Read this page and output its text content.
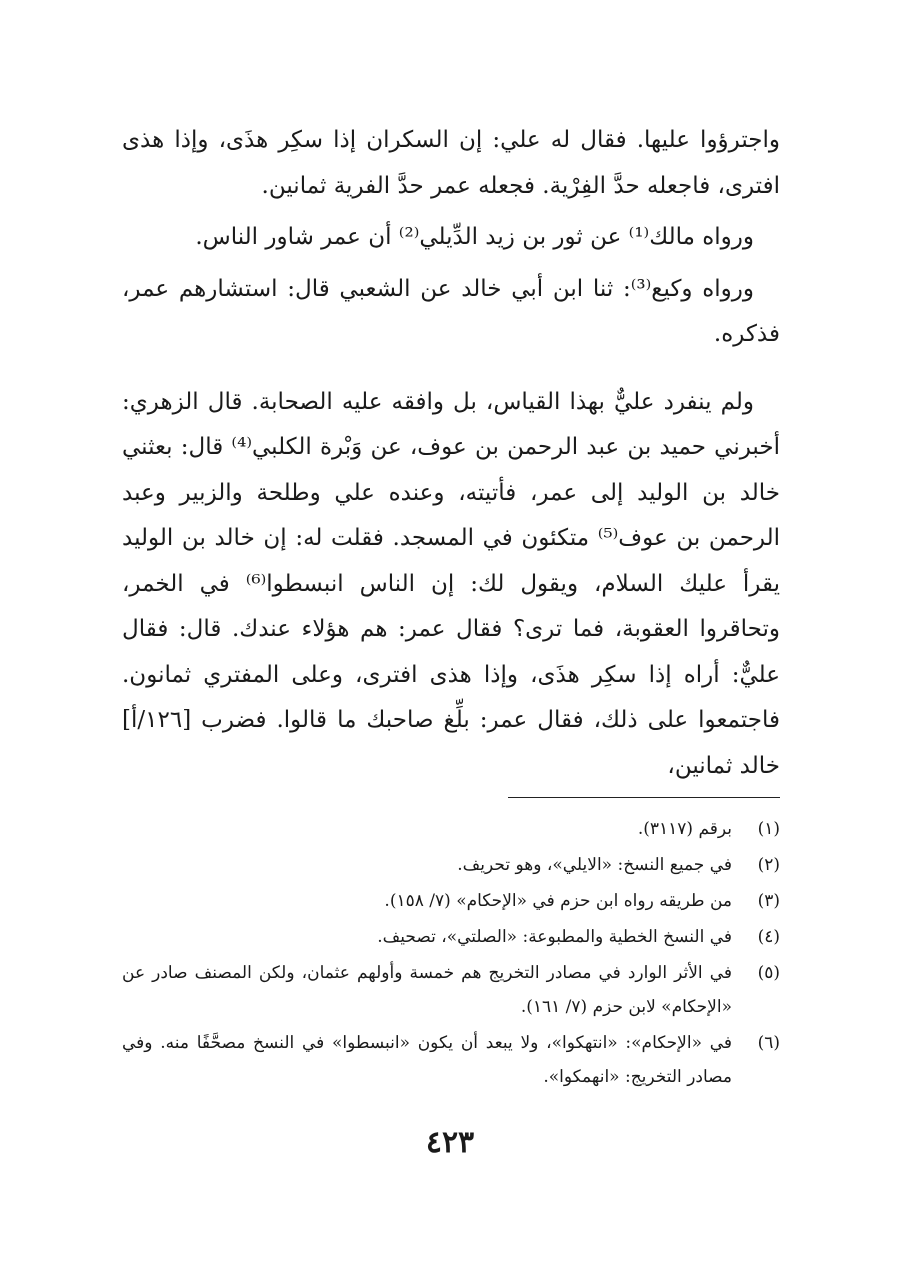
واجترؤوا عليها. فقال له علي: إن السكران إذا سكِر هذَى، وإذا هذى افترى، فاجعله حدَّ الفِرْية. فجعله عمر حدَّ الفرية ثمانين.

ورواه مالك⁽¹⁾ عن ثور بن زيد الدِّيلي⁽²⁾ أن عمر شاور الناس.

ورواه وكيع⁽³⁾: ثنا ابن أبي خالد عن الشعبي قال: استشارهم عمر، فذكره.

ولم ينفرد عليٌّ بهذا القياس، بل وافقه عليه الصحابة. قال الزهري: أخبرني حميد بن عبد الرحمن بن عوف، عن وَبْرة الكلبي⁽⁴⁾ قال: بعثني خالد بن الوليد إلى عمر، فأتيته، وعنده علي وطلحة والزبير وعبد الرحمن بن عوف⁽⁵⁾ متكئون في المسجد. فقلت له: إن خالد بن الوليد يقرأ عليك السلام، ويقول لك: إن الناس انبسطوا⁽⁶⁾ في الخمر، وتحاقروا العقوبة، فما ترى؟ فقال عمر: هم هؤلاء عندك. قال: فقال عليٌّ: أراه إذا سكِر هذَى، وإذا هذى افترى، وعلى المفتري ثمانون. فاجتمعوا على ذلك، فقال عمر: بلِّغ صاحبك ما قالوا. فضرب [١٢٦/أ] خالد ثمانين،

(١)
برقم (٣١١٧).

(٢)
في جميع النسخ: «الايلي»، وهو تحريف.

(٣)
من طريقه رواه ابن حزم في «الإحكام» (٧/ ١٥٨).

(٤)
في النسخ الخطية والمطبوعة: «الصلتي»، تصحيف.

(٥)
في الأثر الوارد في مصادر التخريج هم خمسة وأولهم عثمان، ولكن المصنف صادر عن «الإحكام» لابن حزم (٧/ ١٦١).

(٦)
في «الإحكام»: «انتهكوا»، ولا يبعد أن يكون «انبسطوا» في النسخ مصحَّفًا منه. وفي مصادر التخريج: «انهمكوا».

٤٢٣
